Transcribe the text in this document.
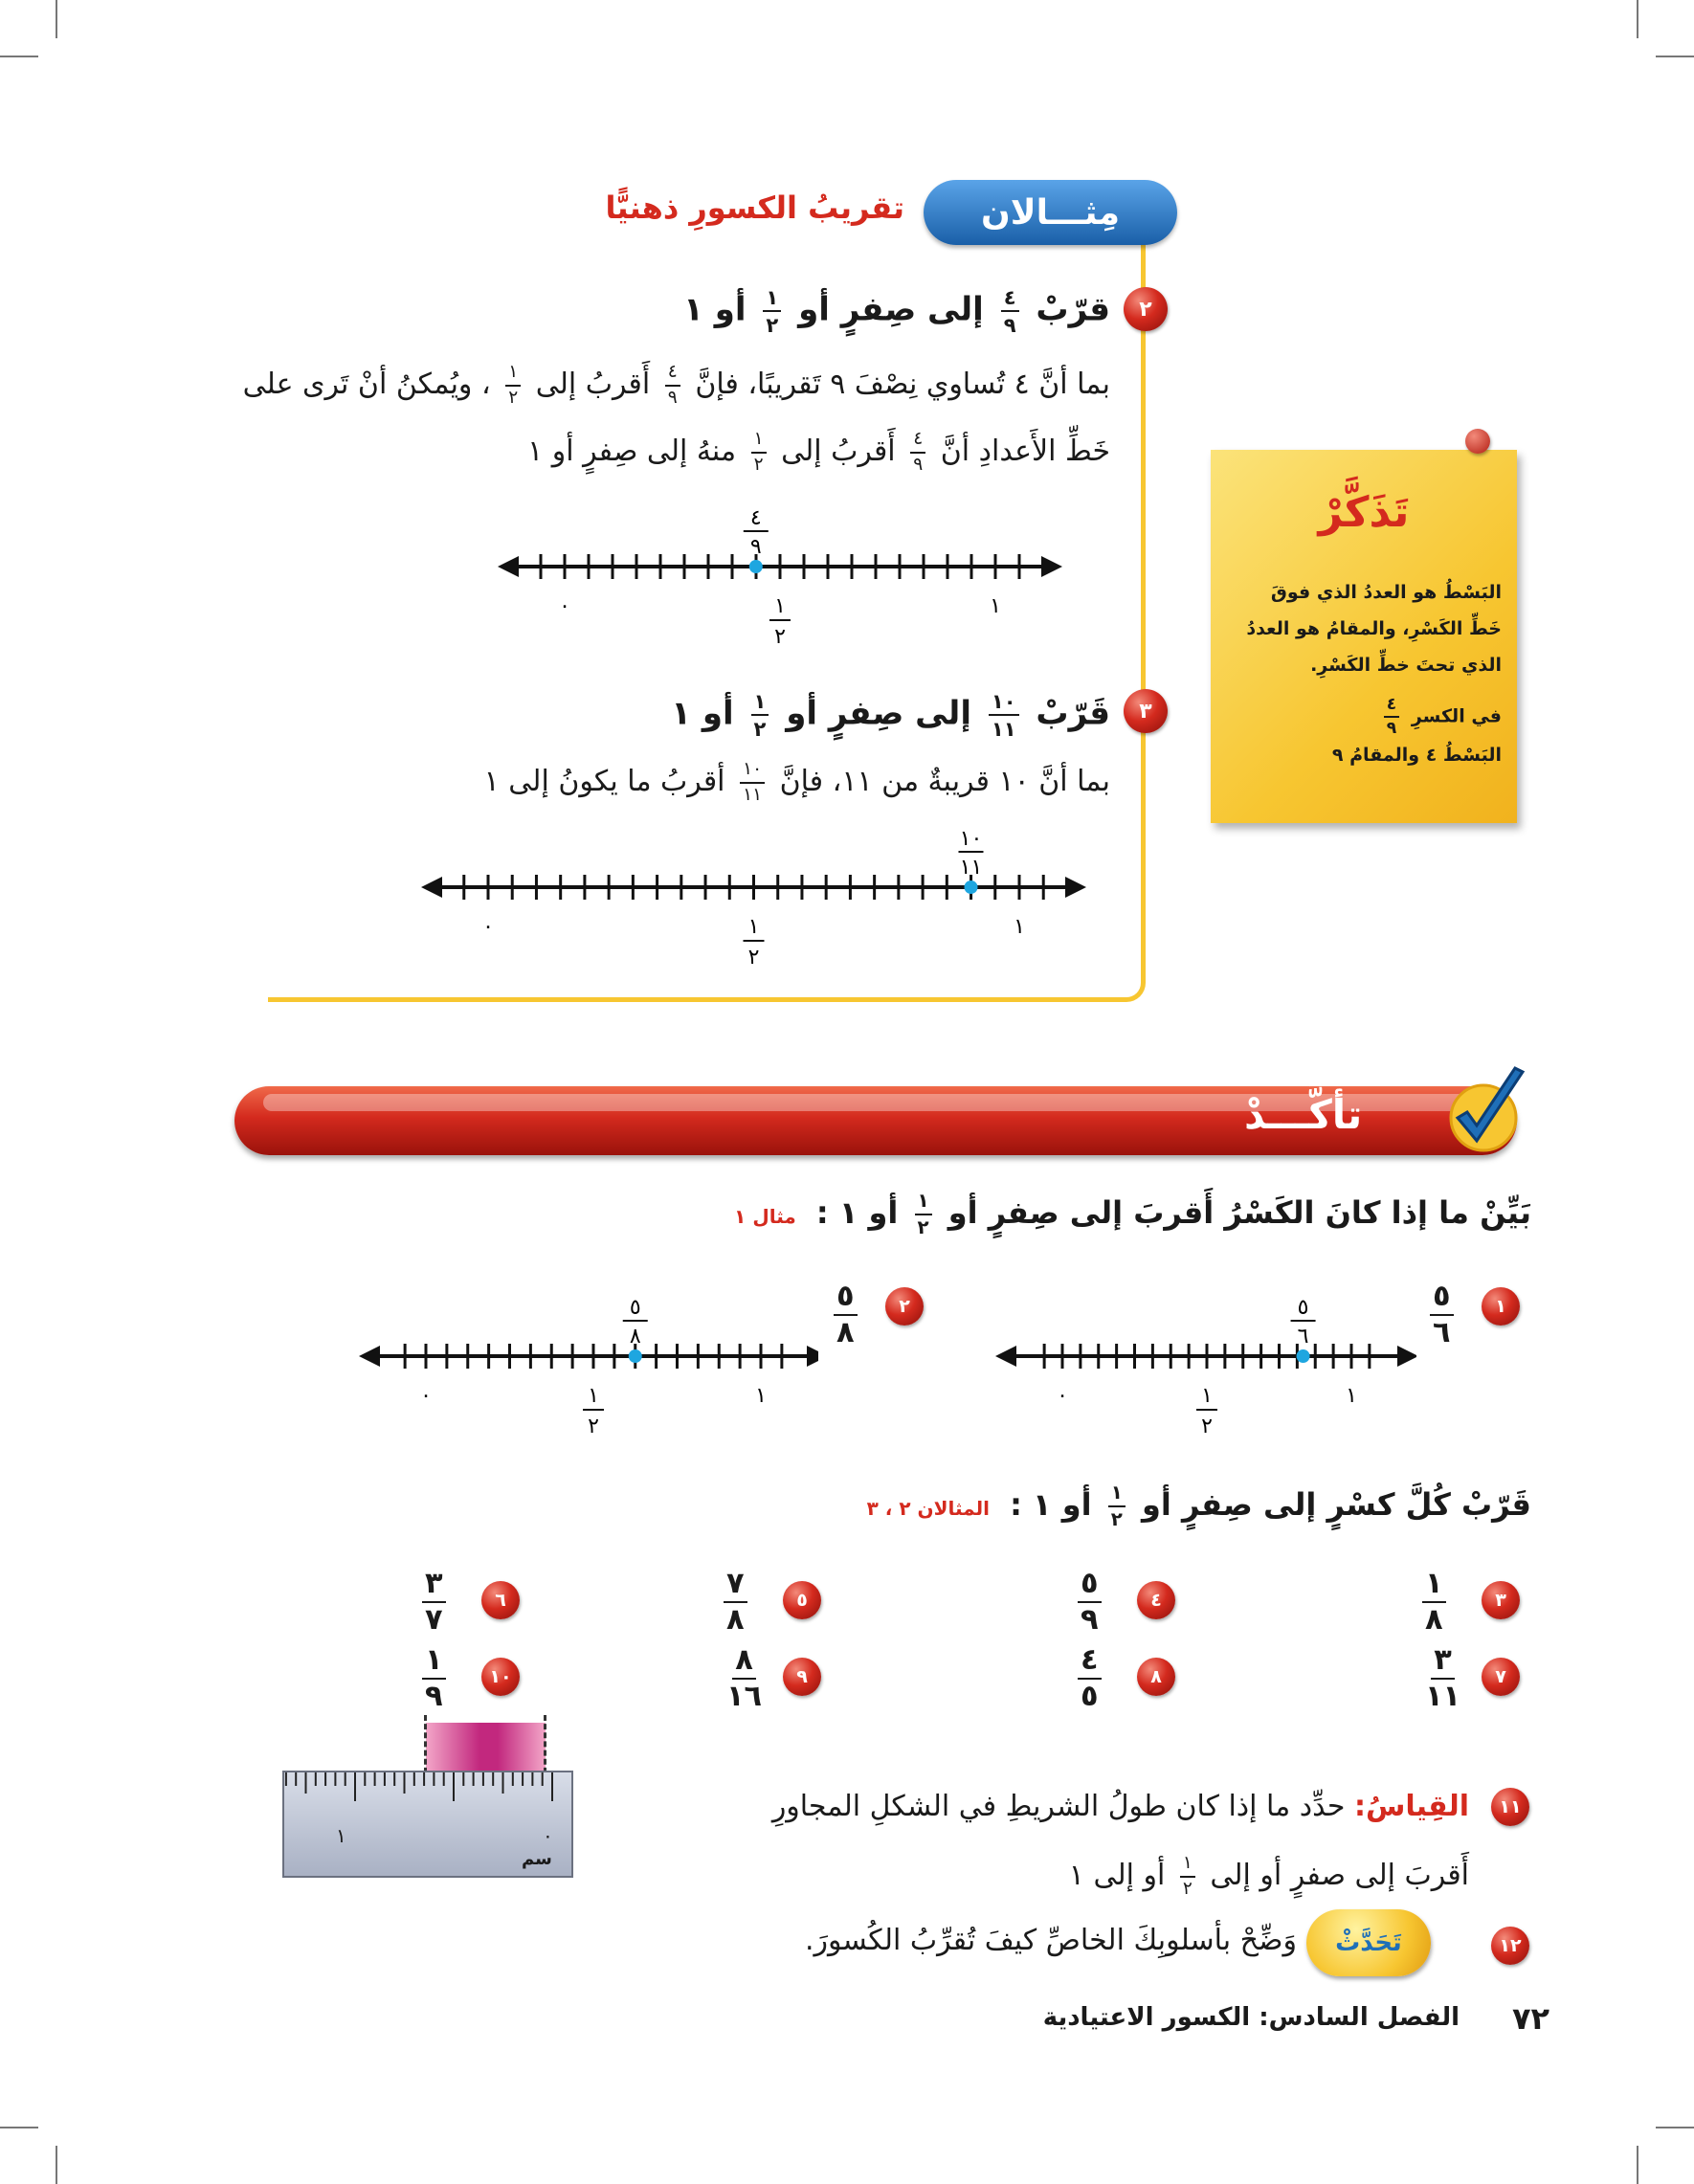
مِثـــالان
تقريبُ الكسورِ ذهنيًّا
٢
قرّبْ
$\frac{٤}{٩}$
إلى صِفرٍ أو
$\frac{١}{٢}$
أو ١
بما أنَّ ٤ تُساوي نِصْفَ ٩ تَقريبًا، فإنَّ
$\frac{٤}{٩}$
أَقربُ إلى
$\frac{١}{٢}$
، ويُمكنُ أنْ تَرى على
خَطِّ الأَعدادِ أنَّ
$\frac{٤}{٩}$
أَقربُ إلى
$\frac{١}{٢}$
منهُ إلى صِفرٍ أو ١
٠	١
١
٢
٤
٩
٣
قَرّبْ
$\frac{١٠}{١١}$
إلى صِفرٍ أو
$\frac{١}{٢}$
أو ١
بما أنَّ ١٠ قريبةٌ من ١١، فإنَّ
$\frac{١٠}{١١}$
أقربُ ما يكونُ إلى ١
٠	١
١
٢
١٠
١١
تَذَكَّرْ
البَسْطُ هو العددُ الذي فوقَ
خَطِّ الكَسْرِ، والمقامُ هو العددُ
الذي تحتَ خطِّ الكَسْرِ.
في الكسرِ
$\frac{٤}{٩}$
البَسْطُ ٤ والمقامُ ٩
تأكَّـــدْ
بَيِّنْ ما إذا كانَ الكَسْرُ أَقربَ إلى صِفرٍ أو
$\frac{١}{٢}$
أو ١ : مثال ١
١
$\frac{٥}{٦}$
٠	١
١
٢
٥
٦
٢
$\frac{٥}{٨}$
٠	١
١
٢
٥
٨
قَرّبْ كُلَّ كسْرٍ إلى صِفرٍ أو
$\frac{١}{٢}$
أو ١ : المثالان ٢ ، ٣
٣
$\frac{١}{٨}$
٤
$\frac{٥}{٩}$
٥
$\frac{٧}{٨}$
٦
$\frac{٣}{٧}$
٧
$\frac{٣}{١١}$
٨
$\frac{٤}{٥}$
٩
$\frac{٨}{١٦}$
١٠
$\frac{١}{٩}$
١	٠
سم
١١
القِياسُ: حدِّد ما إذا كان طولُ الشريطِ في الشكلِ المجاورِ
أَقربَ إلى صفرٍ أو إلى
$\frac{١}{٢}$
أو إلى ١
١٢
تَحَدَّثْ
وَضِّحْ بأسلوبِكَ الخاصِّ كيفَ تُقرِّبُ الكُسورَ.
٧٢
الفصل السادس: الكسور الاعتيادية
